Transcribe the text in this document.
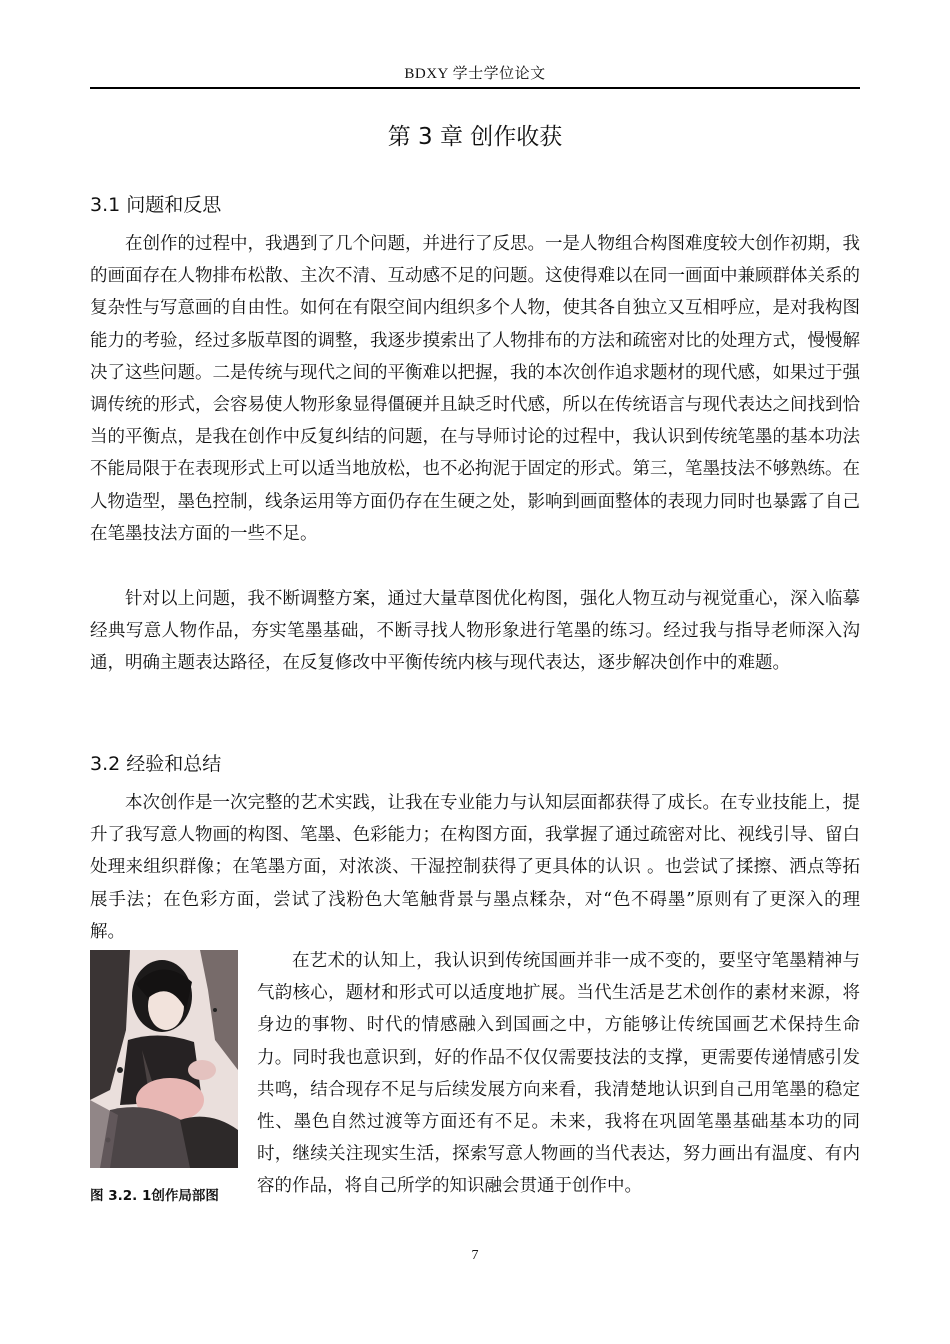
BDXY 学士学位论文
第 3 章 创作收获
3.1 问题和反思
在创作的过程中，我遇到了几个问题，并进行了反思。一是人物组合构图难度较大创作初期，我的画面存在人物排布松散、主次不清、互动感不足的问题。这使得难以在同一画面中兼顾群体关系的复杂性与写意画的自由性。如何在有限空间内组织多个人物，使其各自独立又互相呼应，是对我构图能力的考验，经过多版草图的调整，我逐步摸索出了人物排布的方法和疏密对比的处理方式，慢慢解决了这些问题。二是传统与现代之间的平衡难以把握，我的本次创作追求题材的现代感，如果过于强调传统的形式，会容易使人物形象显得僵硬并且缺乏时代感，所以在传统语言与现代表达之间找到恰当的平衡点，是我在创作中反复纠结的问题，在与导师讨论的过程中，我认识到传统笔墨的基本功法不能局限于在表现形式上可以适当地放松，也不必拘泥于固定的形式。第三，笔墨技法不够熟练。在人物造型，墨色控制，线条运用等方面仍存在生硬之处，影响到画面整体的表现力同时也暴露了自己在笔墨技法方面的一些不足。
针对以上问题，我不断调整方案，通过大量草图优化构图，强化人物互动与视觉重心，深入临摹经典写意人物作品，夯实笔墨基础，不断寻找人物形象进行笔墨的练习。经过我与指导老师深入沟通，明确主题表达路径，在反复修改中平衡传统内核与现代表达，逐步解决创作中的难题。
3.2 经验和总结
本次创作是一次完整的艺术实践，让我在专业能力与认知层面都获得了成长。在专业技能上，提升了我写意人物画的构图、笔墨、色彩能力；在构图方面，我掌握了通过疏密对比、视线引导、留白处理来组织群像；在笔墨方面，对浓淡、干湿控制获得了更具体的认识 。也尝试了揉擦、洒点等拓展手法；在色彩方面，尝试了浅粉色大笔触背景与墨点糅杂，对“色不碍墨”原则有了更深入的理解。
在艺术的认知上，我认识到传统国画并非一成不变的，要坚守笔墨精神与气韵核心，题材和形式可以适度地扩展。当代生活是艺术创作的素材来源，将身边的事物、时代的情感融入到国画之中，方能够让传统国画艺术保持生命力。同时我也意识到，好的作品不仅仅需要技法的支撑，更需要传递情感引发共鸣，结合现存不足与后续发展方向来看，我清楚地认识到自己用笔墨的稳定性、墨色自然过渡等方面还有不足。未来，我将在巩固笔墨基础基本功的同时，继续关注现实生活，探索写意人物画的当代表达，努力画出有温度、有内容的作品，将自己所学的知识融会贯通于创作中。
图 3.2. 1创作局部图
7
